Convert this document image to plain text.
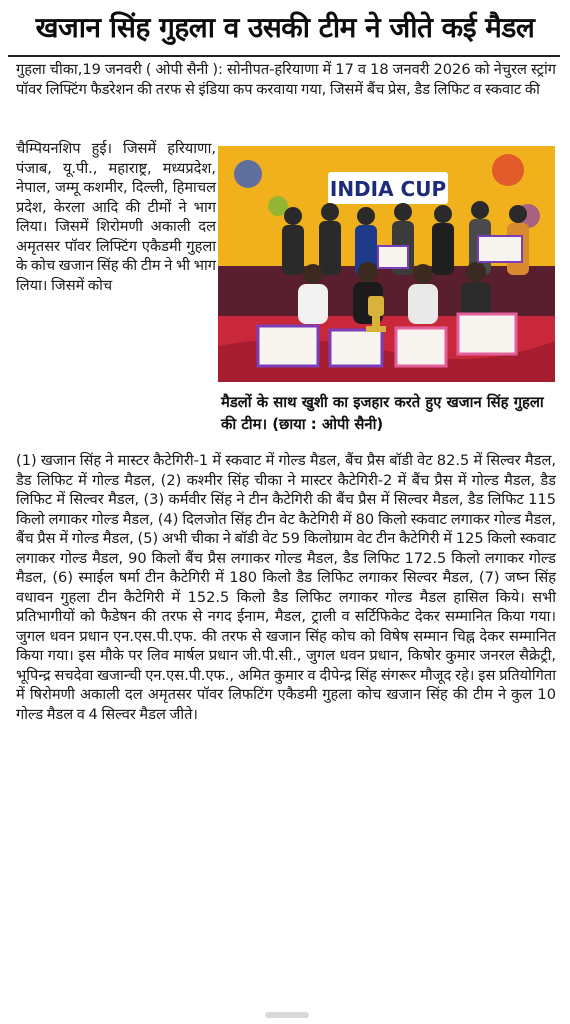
खजान सिंह गुहला व उसकी टीम ने जीते कई मैडल
गुहला चीका,19 जनवरी ( ओपी सैनी ): सोनीपत-हरियाणा में 17 व 18 जनवरी 2026 को नेचुरल स्ट्रांग पॉवर लिफ्टिंग फैडरेशन की तरफ से इंडिया कप करवाया गया, जिसमें बैंच प्रेस, डैड लिफिट व स्कवाट की
चैम्पियनशिप हुई। जिसमें हरियाणा, पंजाब, यू.पी., महाराष्ट्र, मध्यप्रदेश, नेपाल, जम्मू कशमीर, दिल्ली, हिमाचल प्रदेश, केरला आदि की टीमों ने भाग लिया। जिसमें शिरोमणी अकाली दल अमृतसर पॉवर लिफ्टिंग एकैडमी गुहला के कोच खजान सिंह की टीम ने भी भाग लिया। जिसमें कोच
INDIA CUP
मैडलों के साथ खुशी का इजहार करते हुए खजान सिंह गुहला की टीम। (छाया : ओपी सैनी)
(1) खजान सिंह ने मास्टर कैटेगिरी-1 में स्कवाट में गोल्ड मैडल, बैंच प्रैस बॉडी वेट 82.5 में सिल्वर मैडल, डैड लिफिट में गोल्ड मैडल, (2) कश्मीर सिंह चीका ने मास्टर कैटेगिरी-2 में बैंच प्रैस में गोल्ड मैडल, डैड लिफिट में सिल्वर मैडल, (3) कर्मवीर सिंह ने टीन कैटेगिरी की बैंच प्रैस में सिल्वर मैडल, डैड लिफिट 115 किलो लगाकर गोल्ड मैडल, (4) दिलजोत सिंह टीन वेट कैटेगिरी में 80 किलो स्कवाट लगाकर गोल्ड मैडल, बैंच प्रैस में गोल्ड मैडल, (5) अभी चीका ने बॉडी वेट 59 किलोग्राम वेट टीन कैटेगिरी में 125 किलो स्कवाट लगाकर गोल्ड मैडल, 90 किलो बैंच प्रैस लगाकर गोल्ड मैडल, डैड लिफिट 172.5 किलो लगाकर गोल्ड मैडल, (6) स्माईल षर्मा टीन कैटेगिरी में 180 किलो डैड लिफिट लगाकर सिल्वर मैडल, (7) जष्न सिंह वधावन गुहला टीन कैटेगिरी में 152.5 किलो डैड लिफिट लगाकर गोल्ड मैडल हासिल किये। सभी प्रतिभागीयों को फैडेषन की तरफ से नगद ईनाम, मैडल, ट्राली व सर्टिफिकेट देकर सम्मानित किया गया। जुगल धवन प्रधान एन.एस.पी.एफ. की तरफ से खजान सिंह कोच को विषेष सम्मान चिह्न देकर सम्मानित किया गया। इस मौके पर लिव मार्षल प्रधान जी.पी.सी., जुगल धवन प्रधान, किषोर कुमार जनरल सैक्रेट्री, भूपिन्द्र सचदेवा खजान्ची एन.एस.पी.एफ., अमित कुमार व दीपेन्द्र सिंह संगरूर मौजूद रहे। इस प्रतियोगिता में षिरोमणी अकाली दल अमृतसर पॉवर लिफटिंग एकैडमी गुहला कोच खजान सिंह की टीम ने कुल 10 गोल्ड मैडल व 4 सिल्वर मैडल जीते।
